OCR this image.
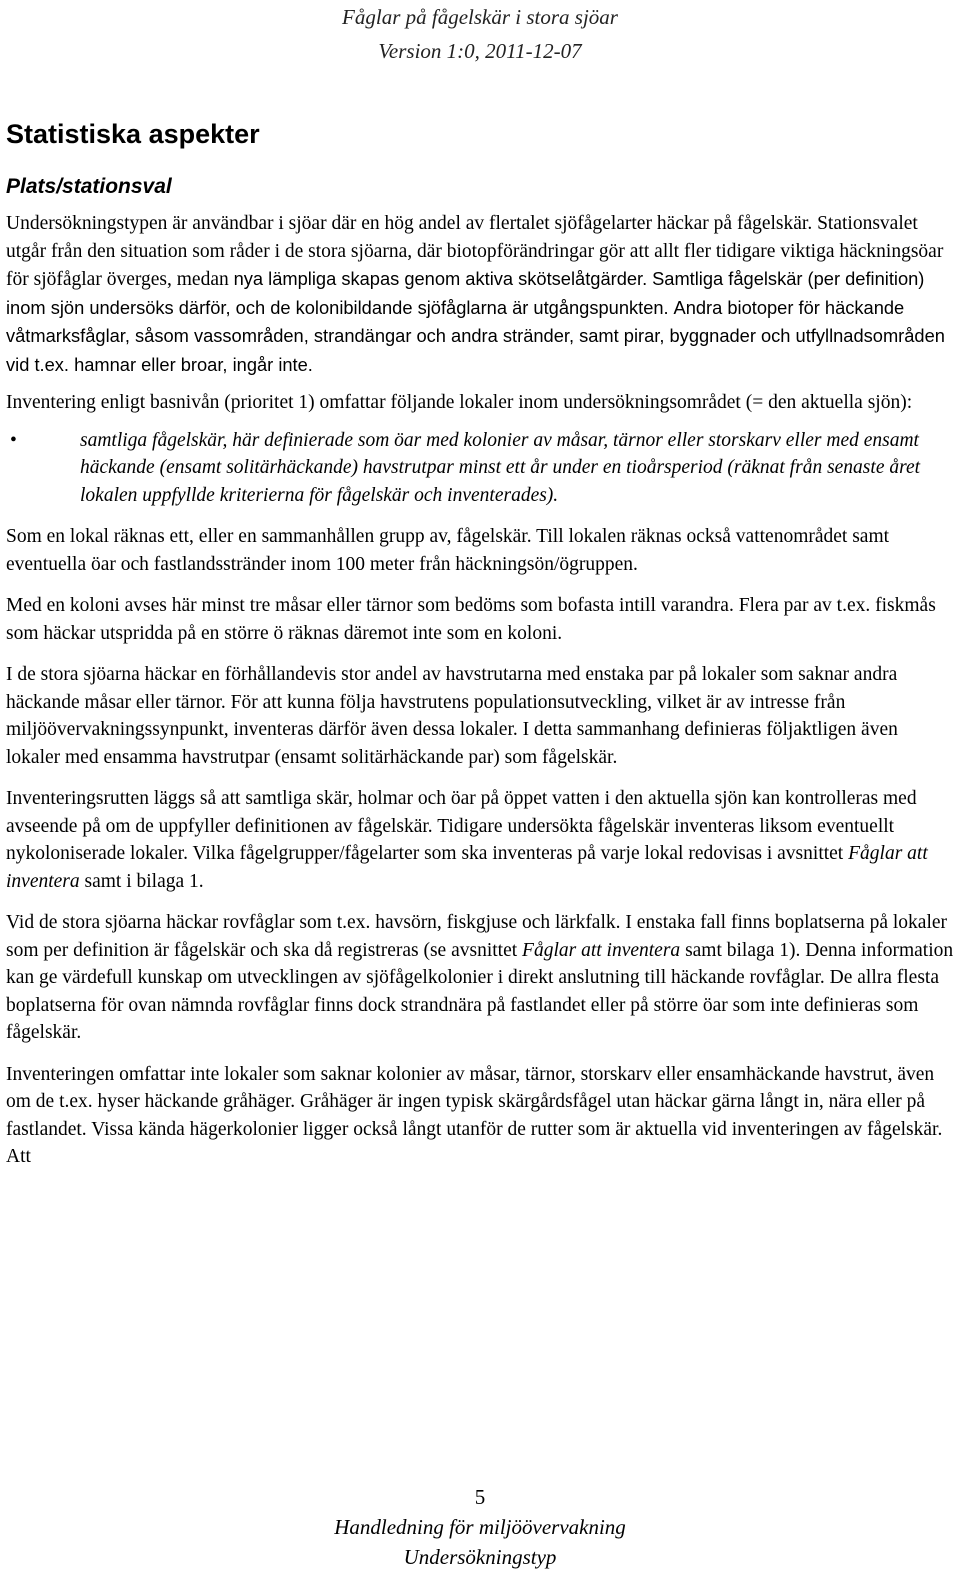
Fåglar på fågelskär i stora sjöar
Version 1:0, 2011-12-07
Statistiska aspekter
Plats/stationsval

Undersökningstypen är användbar i sjöar där en hög andel av flertalet sjöfågelarter häckar på fågelskär. Stationsvalet utgår från den situation som råder i de stora sjöarna, där biotopförändringar gör att allt fler tidigare viktiga häckningsöar för sjöfåglar överges, medan nya lämpliga skapas genom aktiva skötselåtgärder. Samtliga fågelskär (per definition) inom sjön undersöks därför, och de kolonibildande sjöfåglarna är utgångspunkten. Andra biotoper för häckande våtmarksfåglar, såsom vassområden, strandängar och andra stränder, samt pirar, byggnader och utfyllnadsområden vid t.ex. hamnar eller broar, ingår inte.

Inventering enligt basnivån (prioritet 1) omfattar följande lokaler inom undersökningsområdet (= den aktuella sjön):

•	samtliga fågelskär, här definierade som öar med kolonier av måsar, tärnor eller storskarv eller med ensamt häckande (ensamt solitärhäckande) havstrutpar minst ett år under en tioårsperiod (räknat från senaste året lokalen uppfyllde kriterierna för fågelskär och inventerades).

Som en lokal räknas ett, eller en sammanhållen grupp av, fågelskär. Till lokalen räknas också vattenområdet samt eventuella öar och fastlandsstränder inom 100 meter från häckningsön/ögruppen.

Med en koloni avses här minst tre måsar eller tärnor som bedöms som bofasta intill varandra. Flera par av t.ex. fiskmås som häckar utspridda på en större ö räknas däremot inte som en koloni.

I de stora sjöarna häckar en förhållandevis stor andel av havstrutarna med enstaka par på lokaler som saknar andra häckande måsar eller tärnor. För att kunna följa havstrutens populationsutveckling, vilket är av intresse från miljöövervakningssynpunkt, inventeras därför även dessa lokaler. I detta sammanhang definieras följaktligen även lokaler med ensamma havstrutpar (ensamt solitärhäckande par) som fågelskär.

Inventeringsrutten läggs så att samtliga skär, holmar och öar på öppet vatten i den aktuella sjön kan kontrolleras med avseende på om de uppfyller definitionen av fågelskär. Tidigare undersökta fågelskär inventeras liksom eventuellt nykoloniserade lokaler. Vilka fågelgrupper/fågelarter som ska inventeras på varje lokal redovisas i avsnittet Fåglar att inventera samt i bilaga 1.

Vid de stora sjöarna häckar rovfåglar som t.ex. havsörn, fiskgjuse och lärkfalk. I enstaka fall finns boplatserna på lokaler som per definition är fågelskär och ska då registreras (se avsnittet Fåglar att inventera samt bilaga 1). Denna information kan ge värdefull kunskap om utvecklingen av sjöfågelkolonier i direkt anslutning till häckande rovfåglar. De allra flesta boplatserna för ovan nämnda rovfåglar finns dock strandnära på fastlandet eller på större öar som inte definieras som fågelskär.

Inventeringen omfattar inte lokaler som saknar kolonier av måsar, tärnor, storskarv eller ensamhäckande havstrut, även om de t.ex. hyser häckande gråhäger. Gråhäger är ingen typisk skärgårdsfågel utan häckar gärna långt in, nära eller på fastlandet. Vissa kända hägerkolonier ligger också långt utanför de rutter som är aktuella vid inventeringen av fågelskär. Att

5
Handledning för miljöövervakning
Undersökningstyp
